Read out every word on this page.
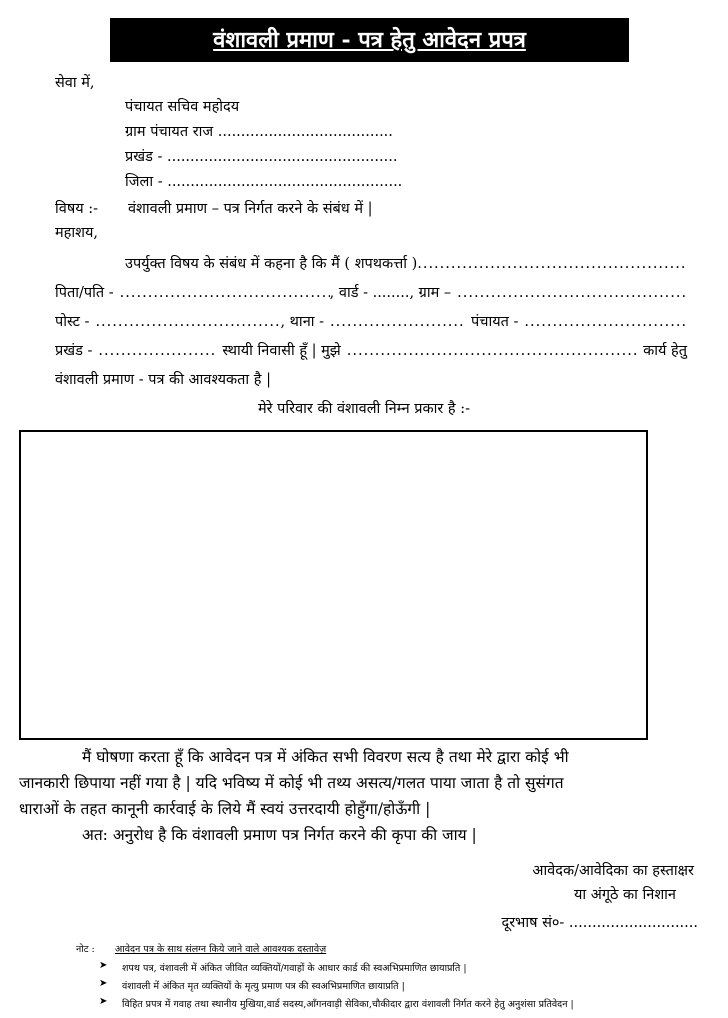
वंशावली प्रमाण - पत्र हेतु आवेदन प्रपत्र
सेवा में,
पंचायत सचिव महोदय
ग्राम पंचायत राज ......................................
प्रखंड - ..................................................
जिला - ...................................................
विषय :- वंशावली प्रमाण – पत्र निर्गत करने के संबंध में |
महाशय,
उपर्युक्त विषय के संबंध में कहना है कि मैं ( शपथकर्त्ता )
.....
पिता/पति - .....	, वार्ड - ........, ग्राम –
.....
पोस्ट - .....	, थाना - .....	पंचायत -
.....
प्रखंड - .....	स्थायी निवासी हूँ | मुझे .....	कार्य हेतु
वंशावली प्रमाण - पत्र की आवश्यकता है |
मेरे परिवार की वंशावली निम्न प्रकार है :-
मैं घोषणा करता हूँ कि आवेदन पत्र में अंकित सभी विवरण सत्य है तथा मेरे द्वारा कोई भी
जानकारी छिपाया नहीं गया है | यदि भविष्य में कोई भी तथ्य असत्य/गलत पाया जाता है तो सुसंगत
धाराओं के तहत कानूनी कार्रवाई के लिये मैं स्वयं उत्तरदायी होहुँगा/होऊँगी |
अत: अनुरोध है कि वंशावली प्रमाण पत्र निर्गत करने की कृपा की जाय |
आवेदक/आवेदिका का हस्ताक्षर
या अंगूठे का निशान
दूरभाष सं०- ............................
नोट : आवेदन पत्र के साथ संलग्न किये जाने वाले आवश्यक दस्तावेज़
➤ शपथ पत्र, वंशावली में अंकित जीवित व्यक्तियों/गवाहों के आधार कार्ड की स्वअभिप्रमाणित छायाप्रति |
➤ वंशावली में अंकित मृत व्यक्तियों के मृत्यु प्रमाण पत्र की स्वअभिप्रमाणित छायाप्रति |
➤ विहित प्रपत्र में गवाह तथा स्थानीय मुखिया,वार्ड सदस्य,आँगनवाड़ी सेविका,चौकीदार द्वारा वंशावली निर्गत करने हेतु अनुशंसा प्रतिवेदन |
